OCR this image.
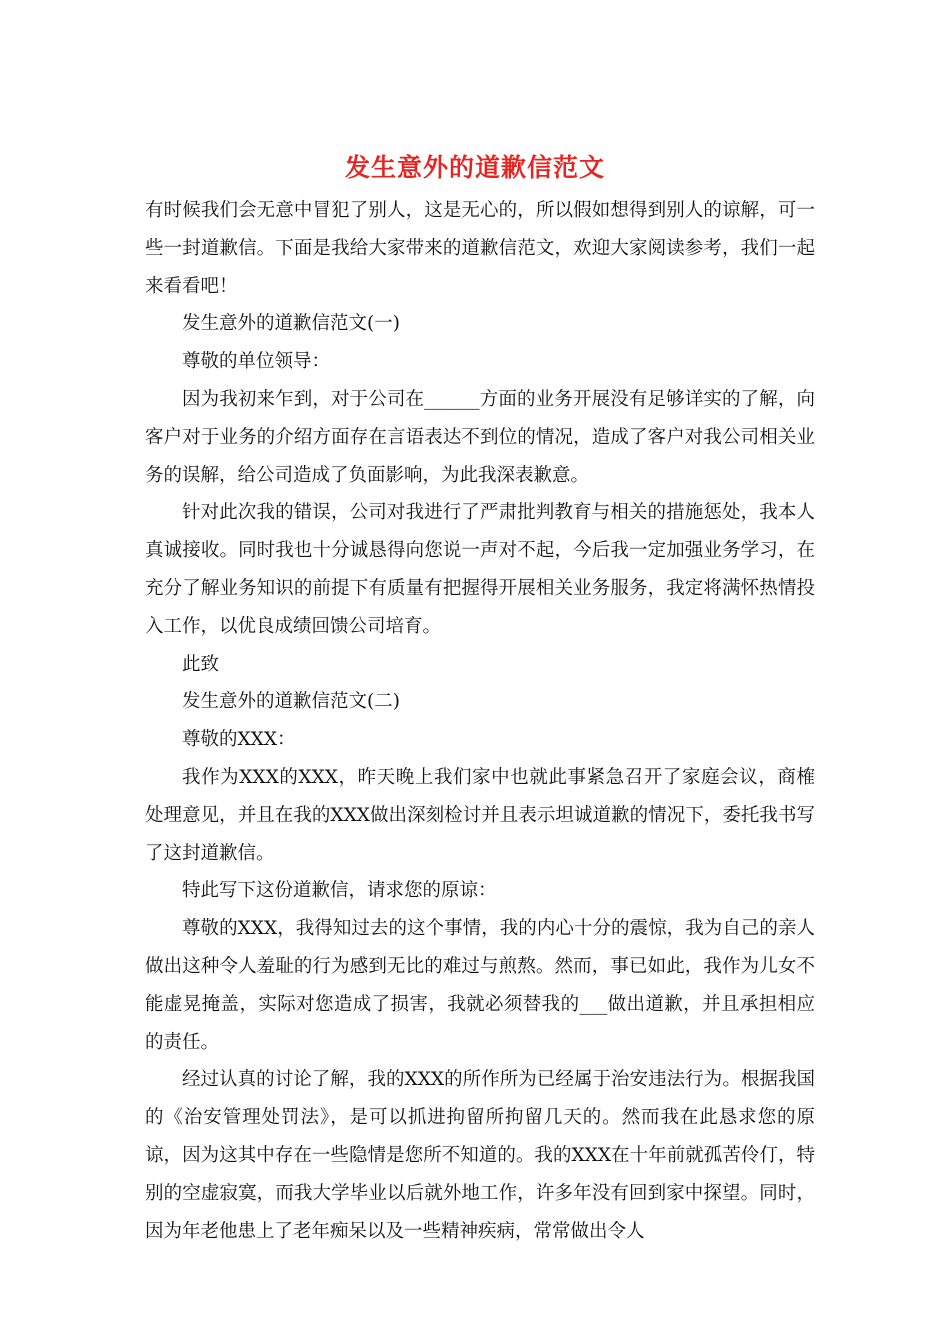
发生意外的道歉信范文

有时候我们会无意中冒犯了别人，这是无心的，所以假如想得到别人的谅解，可一些一封道歉信。下面是我给大家带来的道歉信范文，欢迎大家阅读参考，我们一起来看看吧！

发生意外的道歉信范文(一)

尊敬的单位领导：

因为我初来乍到，对于公司在______方面的业务开展没有足够详实的了解，向客户对于业务的介绍方面存在言语表达不到位的情况，造成了客户对我公司相关业务的误解，给公司造成了负面影响，为此我深表歉意。

针对此次我的错误，公司对我进行了严肃批判教育与相关的措施惩处，我本人真诚接收。同时我也十分诚恳得向您说一声对不起，今后我一定加强业务学习，在充分了解业务知识的前提下有质量有把握得开展相关业务服务，我定将满怀热情投入工作，以优良成绩回馈公司培育。

此致

发生意外的道歉信范文(二)

尊敬的XXX：

我作为XXX的XXX，昨天晚上我们家中也就此事紧急召开了家庭会议，商榷处理意见，并且在我的XXX做出深刻检讨并且表示坦诚道歉的情况下，委托我书写了这封道歉信。

特此写下这份道歉信，请求您的原谅：

尊敬的XXX，我得知过去的这个事情，我的内心十分的震惊，我为自己的亲人做出这种令人羞耻的行为感到无比的难过与煎熬。然而，事已如此，我作为儿女不能虚晃掩盖，实际对您造成了损害，我就必须替我的___做出道歉，并且承担相应的责任。

经过认真的讨论了解，我的XXX的所作所为已经属于治安违法行为。根据我国的《治安管理处罚法》，是可以抓进拘留所拘留几天的。然而我在此恳求您的原谅，因为这其中存在一些隐情是您所不知道的。我的XXX在十年前就孤苦伶仃，特别的空虚寂寞，而我大学毕业以后就外地工作，许多年没有回到家中探望。同时，因为年老他患上了老年痴呆以及一些精神疾病，常常做出令人
